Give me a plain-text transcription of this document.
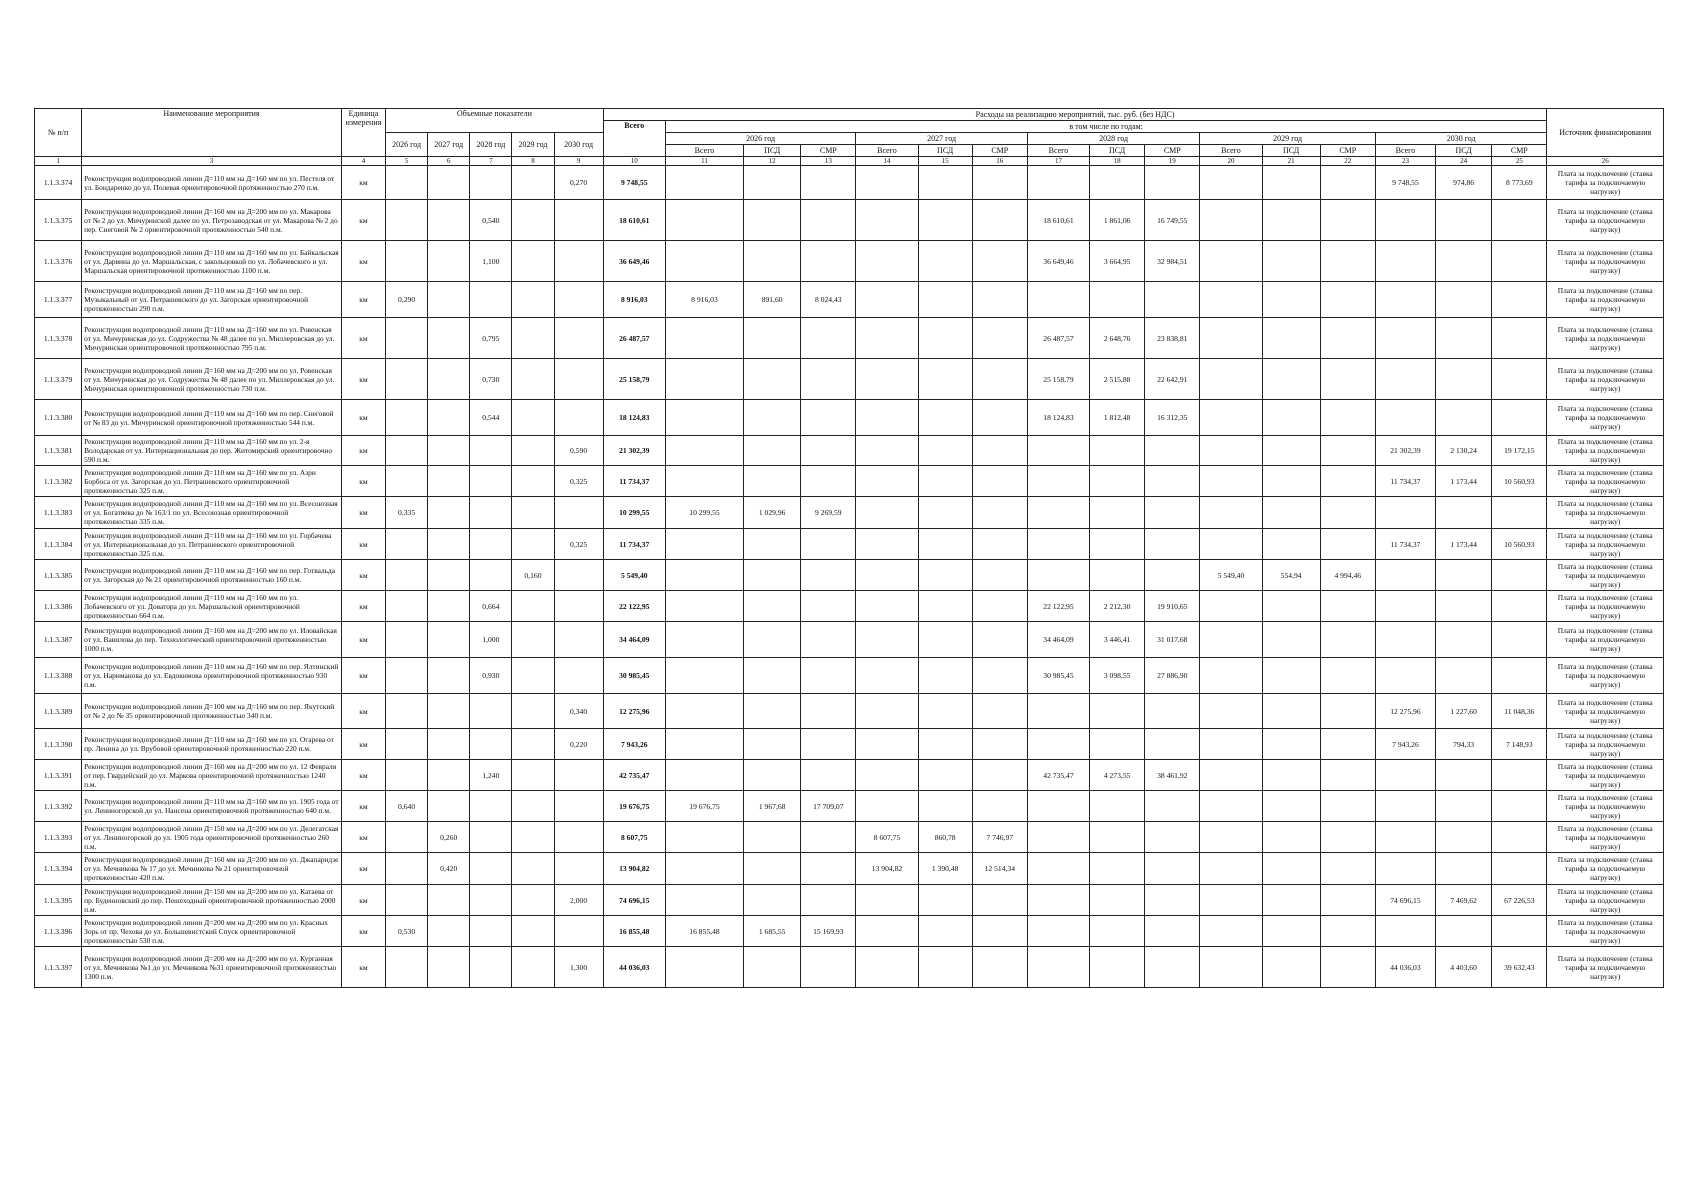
№ п/п	Наименование мероприятия	Единица измерения	Объемные показатели					Расходы на реализацию мероприятий, тыс. руб. (без НДС)																Источник финансирования
								Всего	в том числе по годам:															
			2026 год	2027 год	2028 год	2029 год	2030 год		2026 год			2027 год			2028 год			2029 год			2030 год			
									Всего	ПСД	СМР	Всего	ПСД	СМР	Всего	ПСД	СМР	Всего	ПСД	СМР	Всего	ПСД	СМР	
1	3	4	5	6	7	8	9	10	11	12	13	14	15	16	17	18	19	20	21	22	23	24	25	26
1.1.3.374	Реконструкция водопроводной линии Д=110 мм на Д=160 мм по ул. Пестеля от ул. Бондаренко до ул. Полевая ориентировочной протяженностью 270 п.м.	км					0,270	9 748,55													9 748,55	974,86	8 773,69	Плата за подключение (ставка тарифа за подключаемую нагрузку)
1.1.3.375	Реконструкция водопроводной линии Д=160 мм на Д=200 мм по ул. Макарова от № 2 до ул. Мичуринской далее по ул. Петрозаводская от ул. Макарова № 2 до пер. Снеговой № 2 ориентировочной протяженностью 540 п.м.	км			0,540			18 610,61							18 610,61	1 861,06	16 749,55							Плата за подключение (ставка тарифа за подключаемую нагрузку)
1.1.3.376	Реконструкция водопроводной линии Д=110 мм на Д=160 мм по ул. Байкальская от ул. Дарвина до ул. Маршальская, с закольцовкой по ул. Лобачевского и ул. Маршальская ориентировочной протяженностью 1100 п.м.	км			1,100			36 649,46							36 649,46	3 664,95	32 984,51							Плата за подключение (ставка тарифа за подключаемую нагрузку)
1.1.3.377	Реконструкция водопроводной линии Д=110 мм на Д=160 мм по пер. Музыкальный от ул. Петрашевского до ул. Загорская ориентировочной протяженностью 290 п.м.	км	0,290					8 916,03	8 916,03	891,60	8 024,43													Плата за подключение (ставка тарифа за подключаемую нагрузку)
1.1.3.378	Реконструкция водопроводной линии Д=110 мм на Д=160 мм по ул. Ровенская от ул. Мичуринская до ул. Содружества № 48 далее по ул. Миллеровская до ул. Мичуринская ориентировочной протяженностью 795 п.м.	км			0,795			26 487,57							26 487,57	2 648,76	23 838,81							Плата за подключение (ставка тарифа за подключаемую нагрузку)
1.1.3.379	Реконструкция водопроводной линии Д=160 мм на Д=200 мм по ул. Ровенская от ул. Мичуринская до ул. Содружества № 48 далее по ул. Миллеровская до ул. Мичуринская ориентировочной протяженностью 730 п.м.	км			0,730			25 158,79							25 158,79	2 515,88	22 642,91							Плата за подключение (ставка тарифа за подключаемую нагрузку)
1.1.3.380	Реконструкция водопроводной линии Д=110 мм на Д=160 мм по пер. Снеговой от № 83 до ул. Мичуринской ориентировочной протяженностью 544 п.м.	км			0,544			18 124,83							18 124,83	1 812,48	16 312,35							Плата за подключение (ставка тарифа за подключаемую нагрузку)
1.1.3.381	Реконструкция водопроводной линии Д=110 мм на Д=160 мм по ул. 2-я Володарская от ул. Интернациональная до пер. Житомирский ориентировочно 590 п.м.	км					0,590	21 302,39													21 302,39	2 130,24	19 172,15	Плата за подключение (ставка тарифа за подключаемую нагрузку)
1.1.3.382	Реконструкция водопроводной линии Д=110 мм на Д=160 мм по ул. Азри Борбоса от ул. Загорская до ул. Петрашевского ориентировочной протяженностью 325 п.м.	км					0,325	11 734,37													11 734,37	1 173,44	10 560,93	Плата за подключение (ставка тарифа за подключаемую нагрузку)
1.1.3.383	Реконструкция водопроводной линии Д=110 мм на Д=160 мм по ул. Всесоюзная от ул. Богатяева до № 163/1 по ул. Всесоюзная ориентировочной протяженностью 335 п.м.	км	0,335					10 299,55	10 299,55	1 029,96	9 269,59													Плата за подключение (ставка тарифа за подключаемую нагрузку)
1.1.3.384	Реконструкция водопроводной линии Д=110 мм на Д=160 мм по ул. Горбачева от ул. Интернациональная до ул. Петрашевского ориентировочной протяженностью 325 п.м.	км					0,325	11 734,37													11 734,37	1 173,44	10 560,93	Плата за подключение (ставка тарифа за подключаемую нагрузку)
1.1.3.385	Реконструкция водопроводной линии Д=110 мм на Д=160 мм по пер. Готвальда от ул. Загорская до № 21 ориентировочной протяженностью 160 п.м.	км				0,160		5 549,40										5 549,40	554,94	4 994,46				Плата за подключение (ставка тарифа за подключаемую нагрузку)
1.1.3.386	Реконструкция водопроводной линии Д=110 мм на Д=160 мм по ул. Лобачевского от ул. Доватора до ул. Маршальской ориентировочной протяженностью 664 п.м.	км			0,664			22 122,95							22 122,95	2 212,30	19 910,65							Плата за подключение (ставка тарифа за подключаемую нагрузку)
1.1.3.387	Реконструкция водопроводной линии Д=160 мм на Д=200 мм по ул. Иловайская от ул. Вавилова до пер. Технологический ориентировочной протяженностью 1000 п.м.	км			1,000			34 464,09							34 464,09	3 446,41	31 017,68							Плата за подключение (ставка тарифа за подключаемую нагрузку)
1.1.3.388	Реконструкция водопроводной линии Д=110 мм на Д=160 мм по пер. Ялтинский от ул. Нариманова до ул. Евдокимова ориентировочной протяженностью 930 п.м.	км			0,930			30 985,45							30 985,45	3 098,55	27 886,90							Плата за подключение (ставка тарифа за подключаемую нагрузку)
1.1.3.389	Реконструкция водопроводной линии Д=100 мм на Д=160 мм по пер. Якутский от № 2 до № 35 ориентировочной протяженностью 340 п.м.	км					0,340	12 275,96													12 275,96	1 227,60	11 048,36	Плата за подключение (ставка тарифа за подключаемую нагрузку)
1.1.3.390	Реконструкция водопроводной линии Д=110 мм на Д=160 мм по ул. Огарева от пр. Ленина до ул. Врубовой ориентировочной протяженностью 220 п.м.	км					0,220	7 943,26													7 943,26	794,33	7 148,93	Плата за подключение (ставка тарифа за подключаемую нагрузку)
1.1.3.391	Реконструкция водопроводной линии Д=160 мм на Д=200 мм по ул. 12 Февраля от пер. Гвардейский до ул. Маркова ориентировочной протяженностью 1240 п.м.	км			1,240			42 735,47							42 735,47	4 273,55	38 461,92							Плата за подключение (ставка тарифа за подключаемую нагрузку)
1.1.3.392	Реконструкция водопроводной линии Д=110 мм на Д=160 мм по ул. 1905 года от ул. Лениногорской до ул. Нансена ориентировочной протяженностью 640 п.м.	км	0,640					19 676,75	19 676,75	1 967,68	17 709,07													Плата за подключение (ставка тарифа за подключаемую нагрузку)
1.1.3.393	Реконструкция водопроводной линии Д=150 мм на Д=200 мм по ул. Делегатская от ул. Лениногорской до ул. 1905 года ориентировочной протяженностью 260 п.м.	км		0,260				8 607,75				8 607,75	860,78	7 746,97										Плата за подключение (ставка тарифа за подключаемую нагрузку)
1.1.3.394	Реконструкция водопроводной линии Д=160 мм на Д=200 мм по ул. Джапаридзе от ул. Мечникова № 17 до ул. Мечникова № 21 ориентировочной протяженностью 420 п.м.	км		0,420				13 904,82				13 904,82	1 390,48	12 514,34										Плата за подключение (ставка тарифа за подключаемую нагрузку)
1.1.3.395	Реконструкция водопроводной линии Д=150 мм на Д=200 мм по ул. Катаева от пр. Буденновский до пер. Пешеходный ориентировочной протяженностью 2000 п.м.	км					2,000	74 696,15													74 696,15	7 469,62	67 226,53	Плата за подключение (ставка тарифа за подключаемую нагрузку)
1.1.3.396	Реконструкция водопроводной линии Д=200 мм на Д=200 мм по ул. Красных Зорь от пр. Чехова до ул. Большевистский Спуск ориентировочной протяженностью 530 п.м.	км	0,530					16 855,48	16 855,48	1 685,55	15 169,93													Плата за подключение (ставка тарифа за подключаемую нагрузку)
1.1.3.397	Реконструкция водопроводной линии Д=200 мм на Д=200 мм по ул. Курганная от ул. Мечникова №1 до ул. Мечникова №31 ориентировочной протяженностью 1300 п.м.	км					1,300	44 036,03													44 036,03	4 403,60	39 632,43	Плата за подключение (ставка тарифа за подключаемую нагрузку)
